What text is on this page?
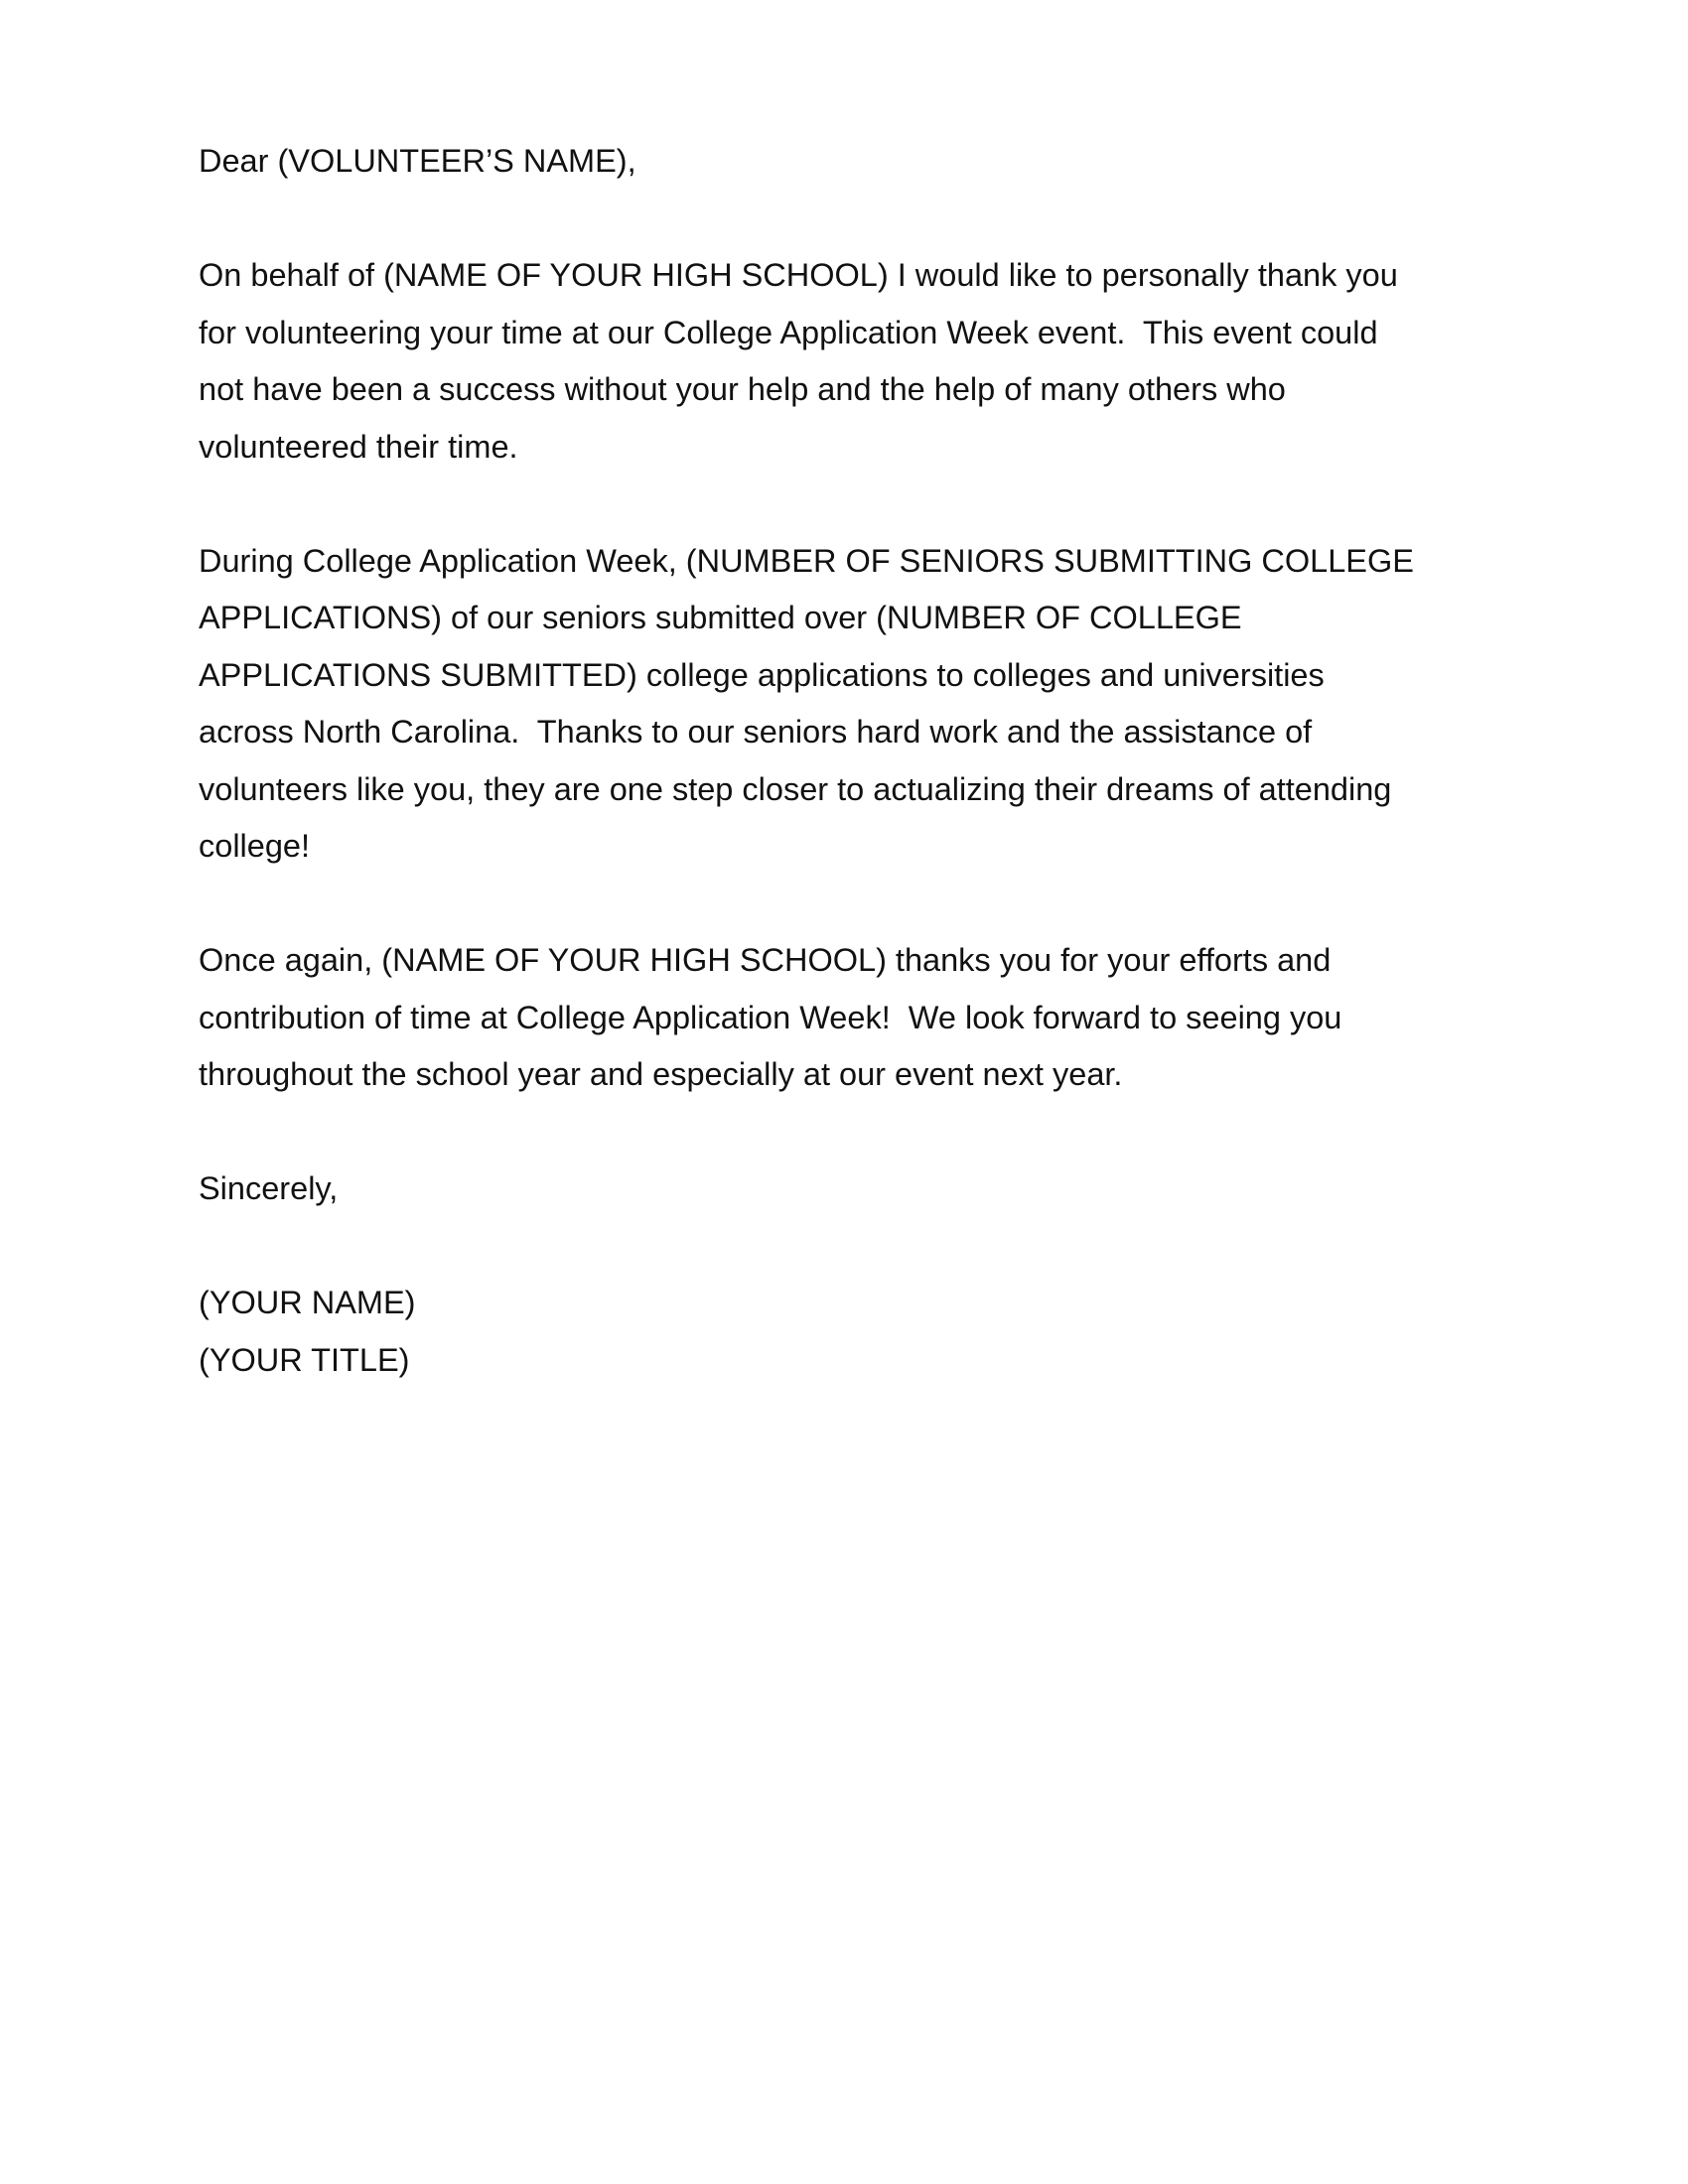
Dear (VOLUNTEER’S NAME),
On behalf of (NAME OF YOUR HIGH SCHOOL) I would like to personally thank you
for volunteering your time at our College Application Week event.  This event could
not have been a success without your help and the help of many others who
volunteered their time.
During College Application Week, (NUMBER OF SENIORS SUBMITTING COLLEGE
APPLICATIONS) of our seniors submitted over (NUMBER OF COLLEGE
APPLICATIONS SUBMITTED) college applications to colleges and universities
across North Carolina.  Thanks to our seniors hard work and the assistance of
volunteers like you, they are one step closer to actualizing their dreams of attending
college!
Once again, (NAME OF YOUR HIGH SCHOOL) thanks you for your efforts and
contribution of time at College Application Week!  We look forward to seeing you
throughout the school year and especially at our event next year.
Sincerely,
(YOUR NAME)
(YOUR TITLE)
